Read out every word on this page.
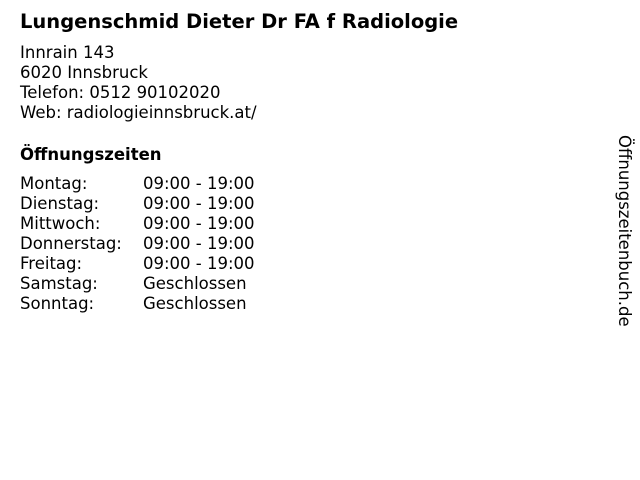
Lungenschmid Dieter Dr FA f Radiologie
Innrain 143
6020 Innsbruck
Telefon: 0512 90102020
Web: radiologieinnsbruck.at/
Öffnungszeiten
Montag:	09:00 - 19:00
Dienstag:	09:00 - 19:00
Mittwoch:	09:00 - 19:00
Donnerstag:	09:00 - 19:00
Freitag:	09:00 - 19:00
Samstag:	Geschlossen
Sonntag:	Geschlossen	Öffnungszeitenbuch.de
